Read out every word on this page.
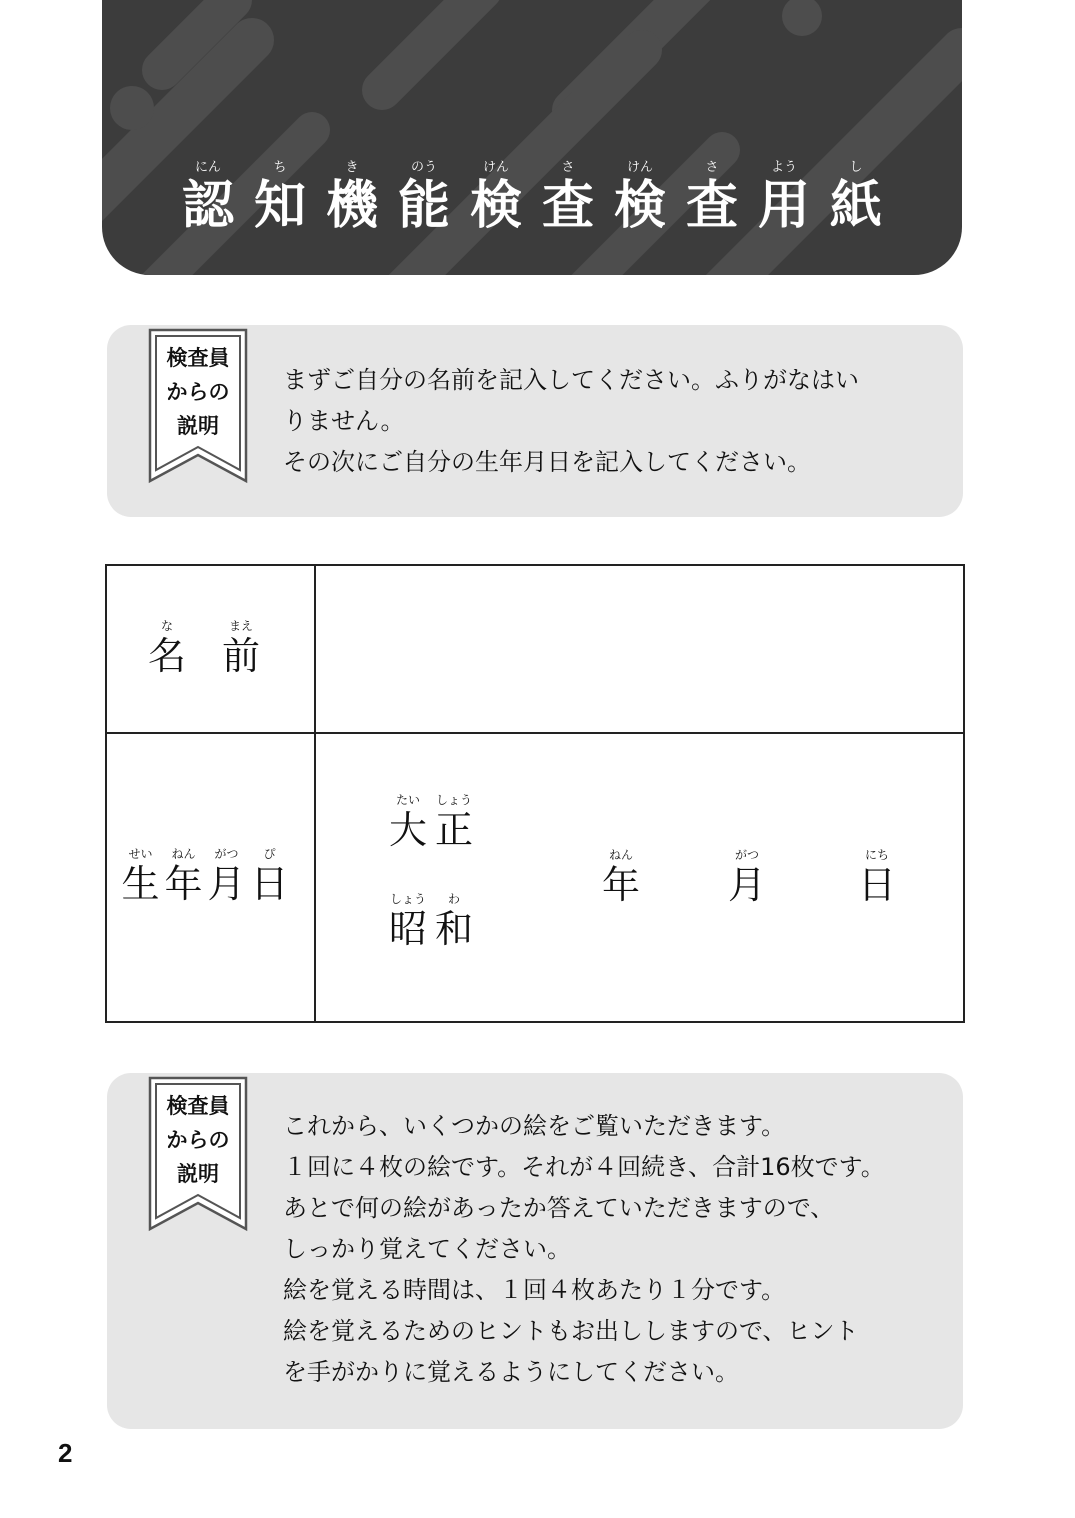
にん
認
ち
知
き
機
のう
能
けん
検
さ
査
けん
検
さ
査
よう
用
し
紙
検査員
からの
説明
まずご自分の名前を記入してください。ふりがなはい
りません。
その次にご自分の生年月日を記入してください。
な
名
まえ
前
せい
生
ねん
年
がつ
月
ぴ
日
たい
大
しょう
正
しょう
昭
わ
和
ねん
年
がつ
月
にち
日
検査員
からの
説明
これから、いくつかの絵をご覧いただきます。
１回に４枚の絵です。それが４回続き、合計16枚です。
あとで何の絵があったか答えていただきますので、
しっかり覚えてください。
絵を覚える時間は、１回４枚あたり１分です。
絵を覚えるためのヒントもお出ししますので、ヒント
を手がかりに覚えるようにしてください。
2
